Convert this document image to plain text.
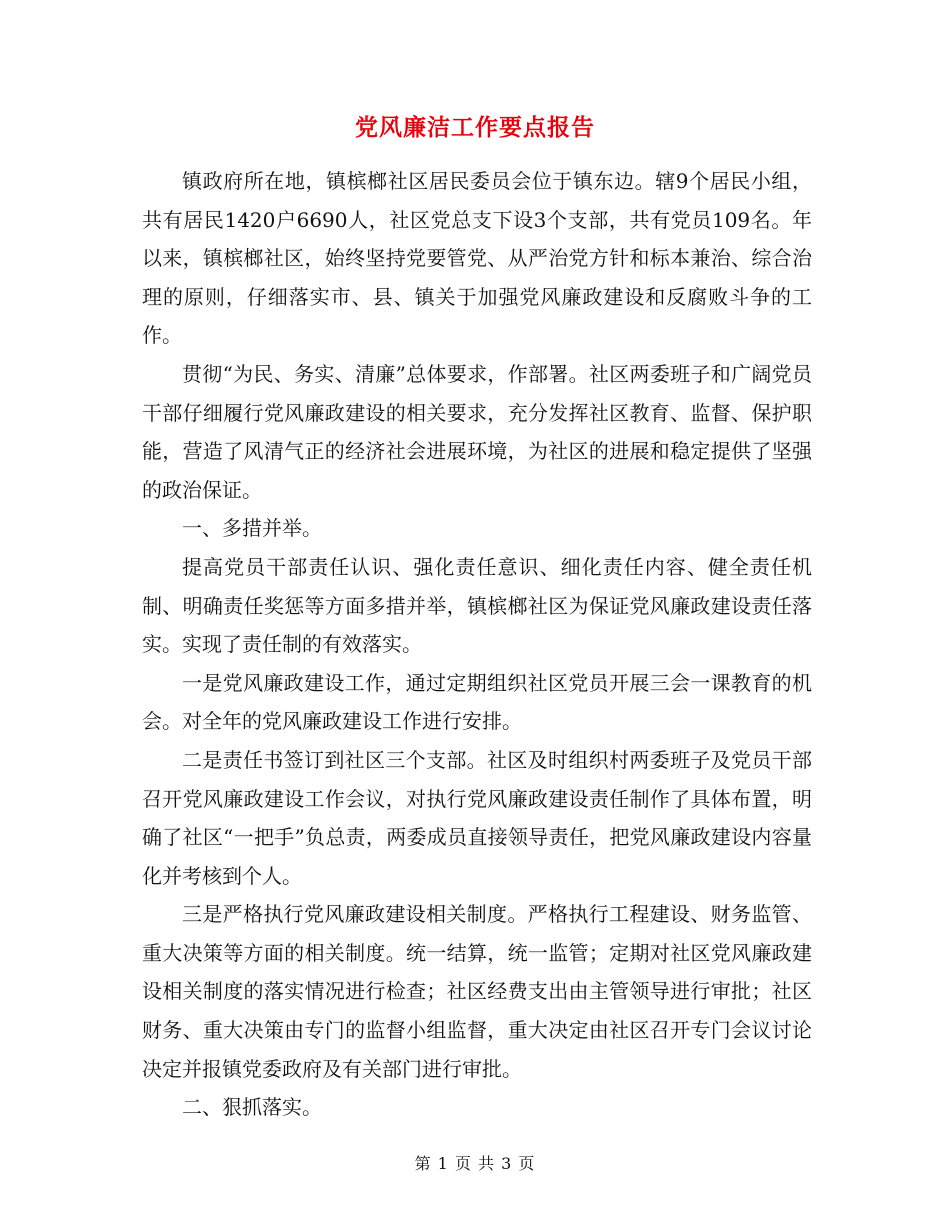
党风廉洁工作要点报告

镇政府所在地，镇槟榔社区居民委员会位于镇东边。辖9个居民小组，共有居民1420户6690人，社区党总支下设3个支部，共有党员109名。年以来，镇槟榔社区，始终坚持党要管党、从严治党方针和标本兼治、综合治理的原则，仔细落实市、县、镇关于加强党风廉政建设和反腐败斗争的工作。

贯彻“为民、务实、清廉”总体要求，作部署。社区两委班子和广阔党员干部仔细履行党风廉政建设的相关要求，充分发挥社区教育、监督、保护职能，营造了风清气正的经济社会进展环境，为社区的进展和稳定提供了坚强的政治保证。

一、多措并举。

提高党员干部责任认识、强化责任意识、细化责任内容、健全责任机制、明确责任奖惩等方面多措并举，镇槟榔社区为保证党风廉政建设责任落实。实现了责任制的有效落实。

一是党风廉政建设工作，通过定期组织社区党员开展三会一课教育的机会。对全年的党风廉政建设工作进行安排。

二是责任书签订到社区三个支部。社区及时组织村两委班子及党员干部召开党风廉政建设工作会议，对执行党风廉政建设责任制作了具体布置，明确了社区“一把手”负总责，两委成员直接领导责任，把党风廉政建设内容量化并考核到个人。

三是严格执行党风廉政建设相关制度。严格执行工程建设、财务监管、重大决策等方面的相关制度。统一结算，统一监管；定期对社区党风廉政建设相关制度的落实情况进行检查；社区经费支出由主管领导进行审批；社区财务、重大决策由专门的监督小组监督，重大决定由社区召开专门会议讨论决定并报镇党委政府及有关部门进行审批。

二、狠抓落实。

第 1 页 共 3 页
